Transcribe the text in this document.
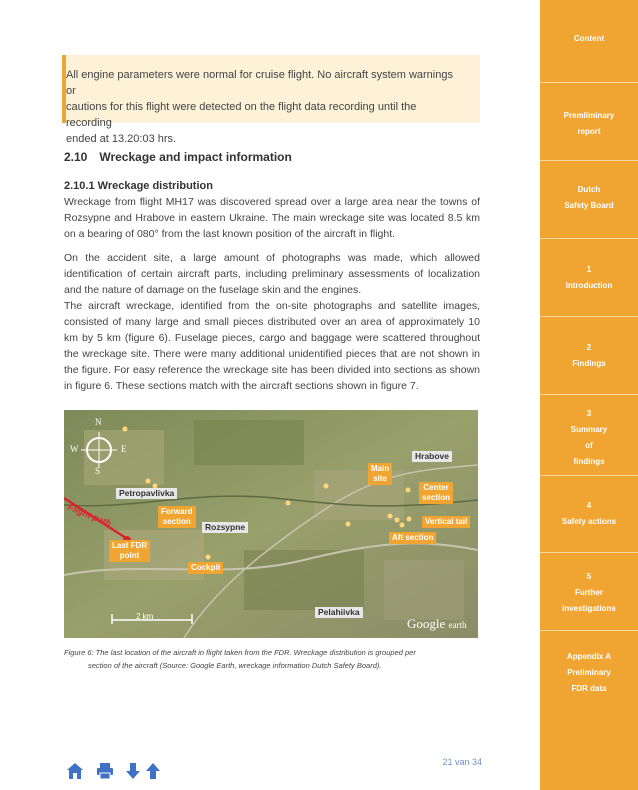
Content
Premliminary
report
Dutch
Safety Board
1
Introduction
2
Findings
3
Summary
of
findings
4
Safety actions
5
Further
investigations
Appendix A
Preliminary
FDR data
All engine parameters were normal for cruise flight. No aircraft system warnings or
cautions for this flight were detected on the flight data recording until the recording
ended at 13.20:03 hrs.
2.10 Wreckage and impact information
2.10.1 Wreckage distribution
Wreckage from flight MH17 was discovered spread over a large area near the towns of Rozsypne and Hrabove in eastern Ukraine. The main wreckage site was located 8.5 km on a bearing of 080° from the last known position of the aircraft in flight.
On the accident site, a large amount of photographs was made, which allowed identification of certain aircraft parts, including preliminary assessments of localization and the nature of damage on the fuselage skin and the engines.
The aircraft wreckage, identified from the on-site photographs and satellite images, consisted of many large and small pieces distributed over an area of approximately 10 km by 5 km (figure 6). Fuselage pieces, cargo and baggage were scattered throughout the wreckage site. There were many additional unidentified pieces that are not shown in the figure. For easy reference the wreckage site has been divided into sections as shown in figure 6. These sections match with the aircraft sections shown in figure 7.
N
S
W	E
Flight path
Petropavlivka
Rozsypne
Hrabove
Pelahiivka
Forward
section
Last FDR
point
Cockpit
Main
site
Center
section
Vertical tail
Aft section
2 km	Google earth
Figure 6: The last location of the aircraft in flight taken from the FDR. Wreckage distribution is grouped per
section of the aircraft (Source: Google Earth, wreckage information Dutch Safety Board).
21 van 34
